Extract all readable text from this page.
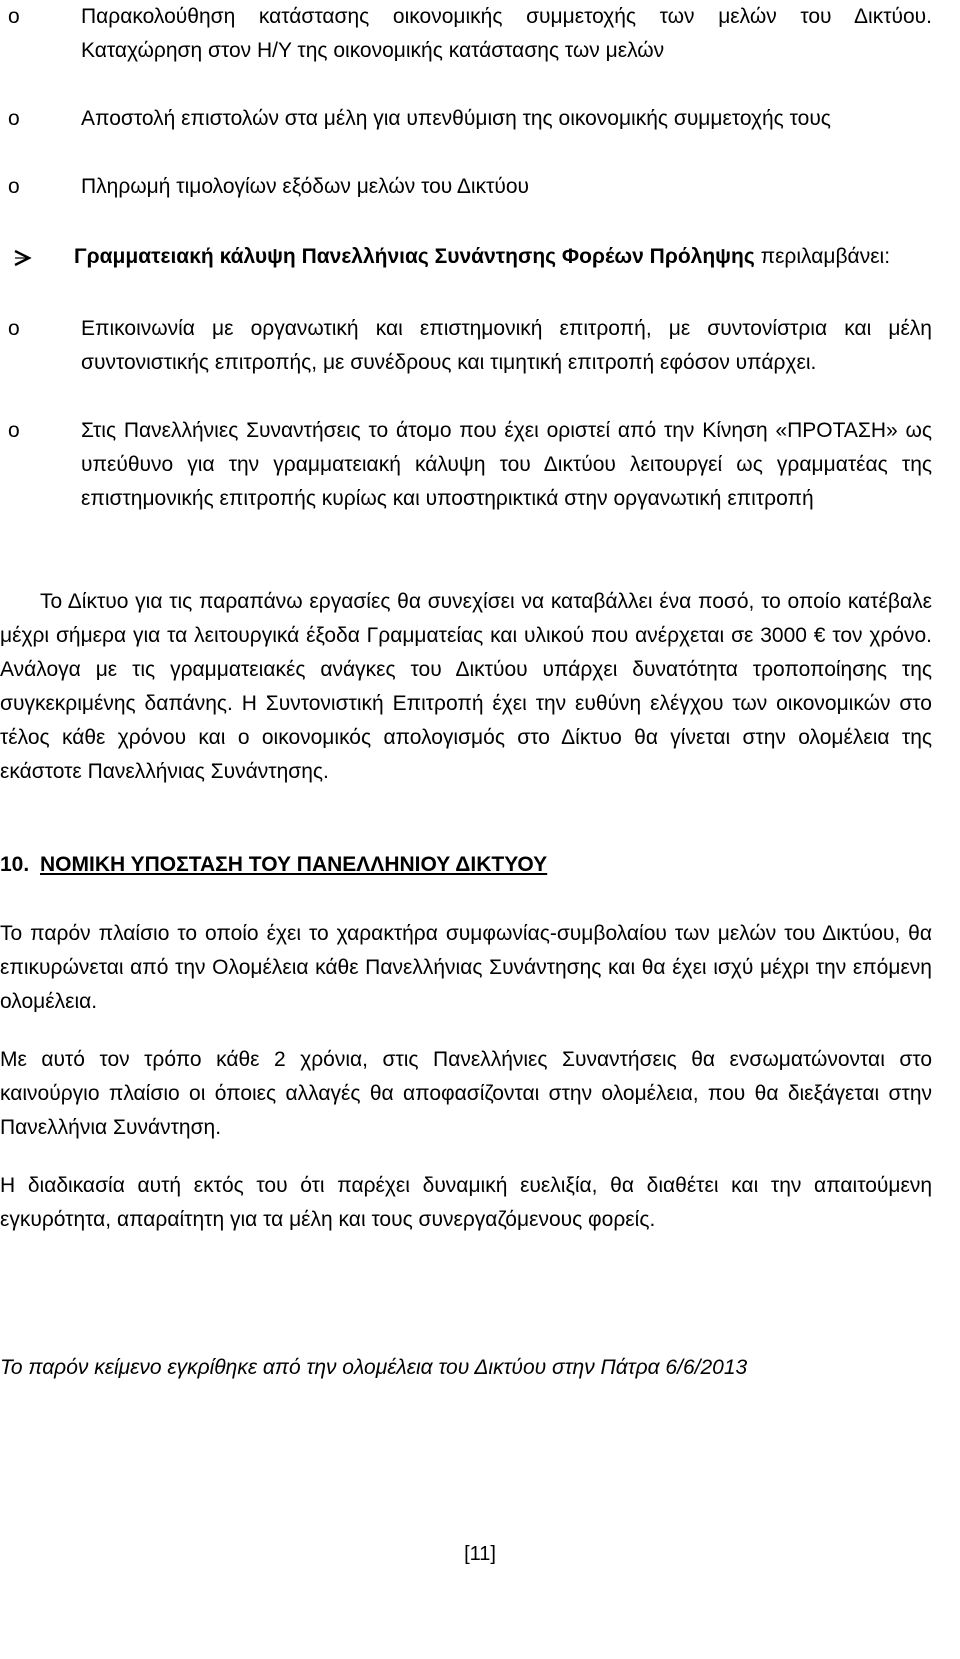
o	Παρακολούθηση κατάστασης οικονομικής συμμετοχής των μελών του Δικτύου. Καταχώρηση στον Η/Υ της οικονομικής κατάστασης των μελών
o	Αποστολή επιστολών στα μέλη για υπενθύμιση της οικονομικής συμμετοχής τους
o	Πληρωμή τιμολογίων εξόδων μελών του Δικτύου
Γραμματειακή κάλυψη Πανελλήνιας Συνάντησης Φορέων Πρόληψης περιλαμβάνει:
o	Επικοινωνία με οργανωτική και επιστημονική επιτροπή, με συντονίστρια και μέλη συντονιστικής επιτροπής, με συνέδρους και τιμητική επιτροπή εφόσον υπάρχει.
o	Στις Πανελλήνιες Συναντήσεις το άτομο που έχει οριστεί από την Κίνηση «ΠΡΟΤΑΣΗ» ως υπεύθυνο για την γραμματειακή κάλυψη του Δικτύου λειτουργεί ως γραμματέας της επιστημονικής επιτροπής κυρίως και υποστηρικτικά στην οργανωτική επιτροπή
Το Δίκτυο για τις παραπάνω εργασίες θα συνεχίσει να καταβάλλει ένα ποσό, το οποίο κατέβαλε μέχρι σήμερα για τα λειτουργικά έξοδα Γραμματείας και υλικού που ανέρχεται σε 3000 € τον χρόνο. Ανάλογα με τις γραμματειακές ανάγκες του Δικτύου υπάρχει δυνατότητα τροποποίησης της συγκεκριμένης δαπάνης. Η Συντονιστική Επιτροπή έχει την ευθύνη ελέγχου των οικονομικών στο τέλος κάθε χρόνου και ο οικονομικός απολογισμός στο Δίκτυο θα γίνεται στην ολομέλεια της εκάστοτε Πανελλήνιας Συνάντησης.
10. ΝΟΜΙΚΗ ΥΠΟΣΤΑΣΗ ΤΟΥ ΠΑΝΕΛΛΗΝΙΟΥ ΔΙΚΤΥΟΥ
Το παρόν πλαίσιο το οποίο έχει το χαρακτήρα συμφωνίας-συμβολαίου των μελών του Δικτύου, θα επικυρώνεται από την Ολομέλεια κάθε Πανελλήνιας Συνάντησης και θα έχει ισχύ μέχρι την επόμενη ολομέλεια.
Με αυτό τον τρόπο κάθε 2 χρόνια, στις Πανελλήνιες Συναντήσεις θα ενσωματώνονται στο καινούργιο πλαίσιο οι όποιες αλλαγές θα αποφασίζονται στην ολομέλεια, που θα διεξάγεται στην Πανελλήνια Συνάντηση.
Η διαδικασία αυτή εκτός του ότι παρέχει δυναμική ευελιξία, θα διαθέτει και την απαιτούμενη εγκυρότητα, απαραίτητη για τα μέλη και τους συνεργαζόμενους φορείς.
Το παρόν κείμενο εγκρίθηκε από την ολομέλεια του Δικτύου στην Πάτρα 6/6/2013
[11]
